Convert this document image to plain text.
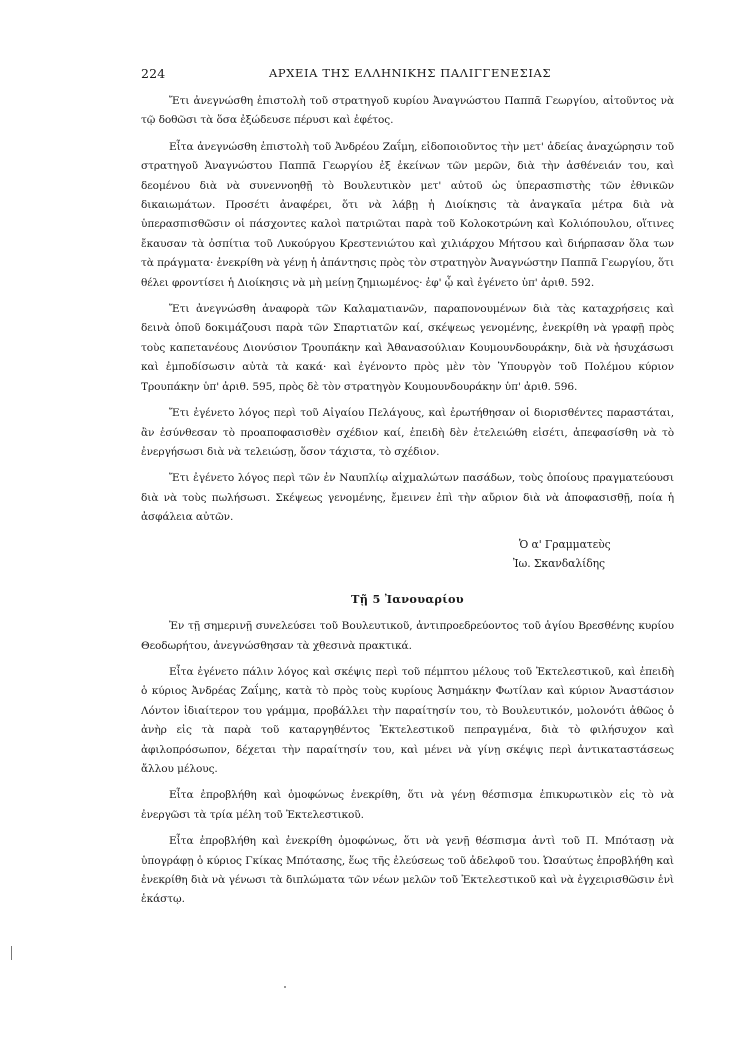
224	ΑΡΧΕΙΑ ΤΗΣ ΕΛΛΗΝΙΚΗΣ ΠΑΛΙΓΓΕΝΕΣΙΑΣ

Ἔτι ἀνεγνώσθη ἐπιστολὴ τοῦ στρατηγοῦ κυρίου Ἀναγνώστου Παππᾶ Γεωργίου, αἰτοῦντος νὰ τῷ δοθῶσι τὰ ὅσα ἐξώδευσε πέρυσι καὶ ἐφέτος.

Εἶτα ἀνεγνώσθη ἐπιστολὴ τοῦ Ἀνδρέου Ζαΐμη, εἰδοποιοῦντος τὴν μετ' ἀδείας ἀναχώρησιν τοῦ στρατηγοῦ Ἀναγνώστου Παππᾶ Γεωργίου ἐξ ἐκείνων τῶν μερῶν, διὰ τὴν ἀσθένειάν του, καὶ δεομένου διὰ νὰ συνεννοηθῇ τὸ Βουλευτικὸν μετ' αὐτοῦ ὡς ὑπερασπιστὴς τῶν ἐθνικῶν δικαιωμάτων. Προσέτι ἀναφέρει, ὅτι νὰ λάβῃ ἡ Διοίκησις τὰ ἀναγκαῖα μέτρα διὰ νὰ ὑπερασπισθῶσιν οἱ πάσχοντες καλοὶ πατριῶται παρὰ τοῦ Κολοκοτρώνη καὶ Κολιόπουλου, οἵτινες ἔκαυσαν τὰ ὀσπίτια τοῦ Λυκούργου Κρεστενιώτου καὶ χιλιάρχου Μήτσου καὶ διήρπασαν ὅλα των τὰ πράγματα· ἐνεκρίθη νὰ γένῃ ἡ ἀπάντησις πρὸς τὸν στρατηγὸν Ἀναγνώστην Παππᾶ Γεωργίου, ὅτι θέλει φροντίσει ἡ Διοίκησις νὰ μὴ μείνῃ ζημιωμένος· ἐφ' ᾧ καὶ ἐγένετο ὑπ' ἀριθ. 592.

Ἔτι ἀνεγνώσθη ἀναφορὰ τῶν Καλαματιανῶν, παραπονουμένων διὰ τὰς καταχρήσεις καὶ δεινὰ ὁποῦ δοκιμάζουσι παρὰ τῶν Σπαρτιατῶν καί, σκέψεως γενομένης, ἐνεκρίθη νὰ γραφῇ πρὸς τοὺς καπετανέους Διονύσιον Τρουπάκην καὶ Ἀθανασούλιαν Κουμουνδουράκην, διὰ νὰ ἡσυχάσωσι καὶ ἐμποδίσωσιν αὐτὰ τὰ κακά· καὶ ἐγένοντο πρὸς μὲν τὸν Ὑπουργὸν τοῦ Πολέμου κύριον Τρουπάκην ὑπ' ἀριθ. 595, πρὸς δὲ τὸν στρατηγὸν Κουμουνδουράκην ὑπ' ἀριθ. 596.

Ἔτι ἐγένετο λόγος περὶ τοῦ Αἰγαίου Πελάγους, καὶ ἐρωτήθησαν οἱ διορισθέντες παραστάται, ἂν ἐσύνθεσαν τὸ προαποφασισθὲν σχέδιον καί, ἐπειδὴ δὲν ἐτελειώθη εἰσέτι, ἀπεφασίσθη νὰ τὸ ἐνεργήσωσι διὰ νὰ τελειώσῃ, ὅσον τάχιστα, τὸ σχέδιον.

Ἔτι ἐγένετο λόγος περὶ τῶν ἐν Ναυπλίῳ αἰχμαλώτων πασάδων, τοὺς ὁποίους πραγματεύουσι διὰ νὰ τοὺς πωλήσωσι. Σκέψεως γενομένης, ἔμεινεν ἐπὶ τὴν αὔριον διὰ νὰ ἀποφασισθῇ, ποία ἡ ἀσφάλεια αὐτῶν.

Ὁ α' Γραμματεὺς
Ἰω. Σκανδαλίδης
Τῇ 5 Ἰανουαρίου

Ἐν τῇ σημερινῇ συνελεύσει τοῦ Βουλευτικοῦ, ἀντιπροεδρεύοντος τοῦ ἁγίου Βρεσθένης κυρίου Θεοδωρήτου, ἀνεγνώσθησαν τὰ χθεσινὰ πρακτικά.

Εἶτα ἐγένετο πάλιν λόγος καὶ σκέψις περὶ τοῦ πέμπτου μέλους τοῦ Ἐκτελεστικοῦ, καὶ ἐπειδὴ ὁ κύριος Ἀνδρέας Ζαΐμης, κατὰ τὸ πρὸς τοὺς κυρίους Ἀσημάκην Φωτίλαν καὶ κύριον Ἀναστάσιον Λόντον ἰδιαίτερον του γράμμα, προβάλλει τὴν παραίτησίν του, τὸ Βουλευτικόν, μολονότι ἀθῶος ὁ ἀνὴρ εἰς τὰ παρὰ τοῦ καταργηθέντος Ἐκτελεστικοῦ πεπραγμένα, διὰ τὸ φιλήσυχον καὶ ἀφιλοπρόσωπον, δέχεται τὴν παραίτησίν του, καὶ μένει νὰ γίνῃ σκέψις περὶ ἀντικαταστάσεως ἄλλου μέλους.

Εἶτα ἐπροβλήθη καὶ ὁμοφώνως ἐνεκρίθη, ὅτι νὰ γένῃ θέσπισμα ἐπικυρωτικὸν εἰς τὸ νὰ ἐνεργῶσι τὰ τρία μέλη τοῦ Ἐκτελεστικοῦ.

Εἶτα ἐπροβλήθη καὶ ἐνεκρίθη ὁμοφώνως, ὅτι νὰ γενῇ θέσπισμα ἀντὶ τοῦ Π. Μπότασῃ νὰ ὑπογράφῃ ὁ κύριος Γκίκας Μπότασης, ἕως τῆς ἐλεύσεως τοῦ ἀδελφοῦ του. Ὡσαύτως ἐπροβλήθη καὶ ἐνεκρίθη διὰ νὰ γένωσι τὰ διπλώματα τῶν νέων μελῶν τοῦ Ἐκτελεστικοῦ καὶ νὰ ἐγχειρισθῶσιν ἑνὶ ἑκάστῳ.
